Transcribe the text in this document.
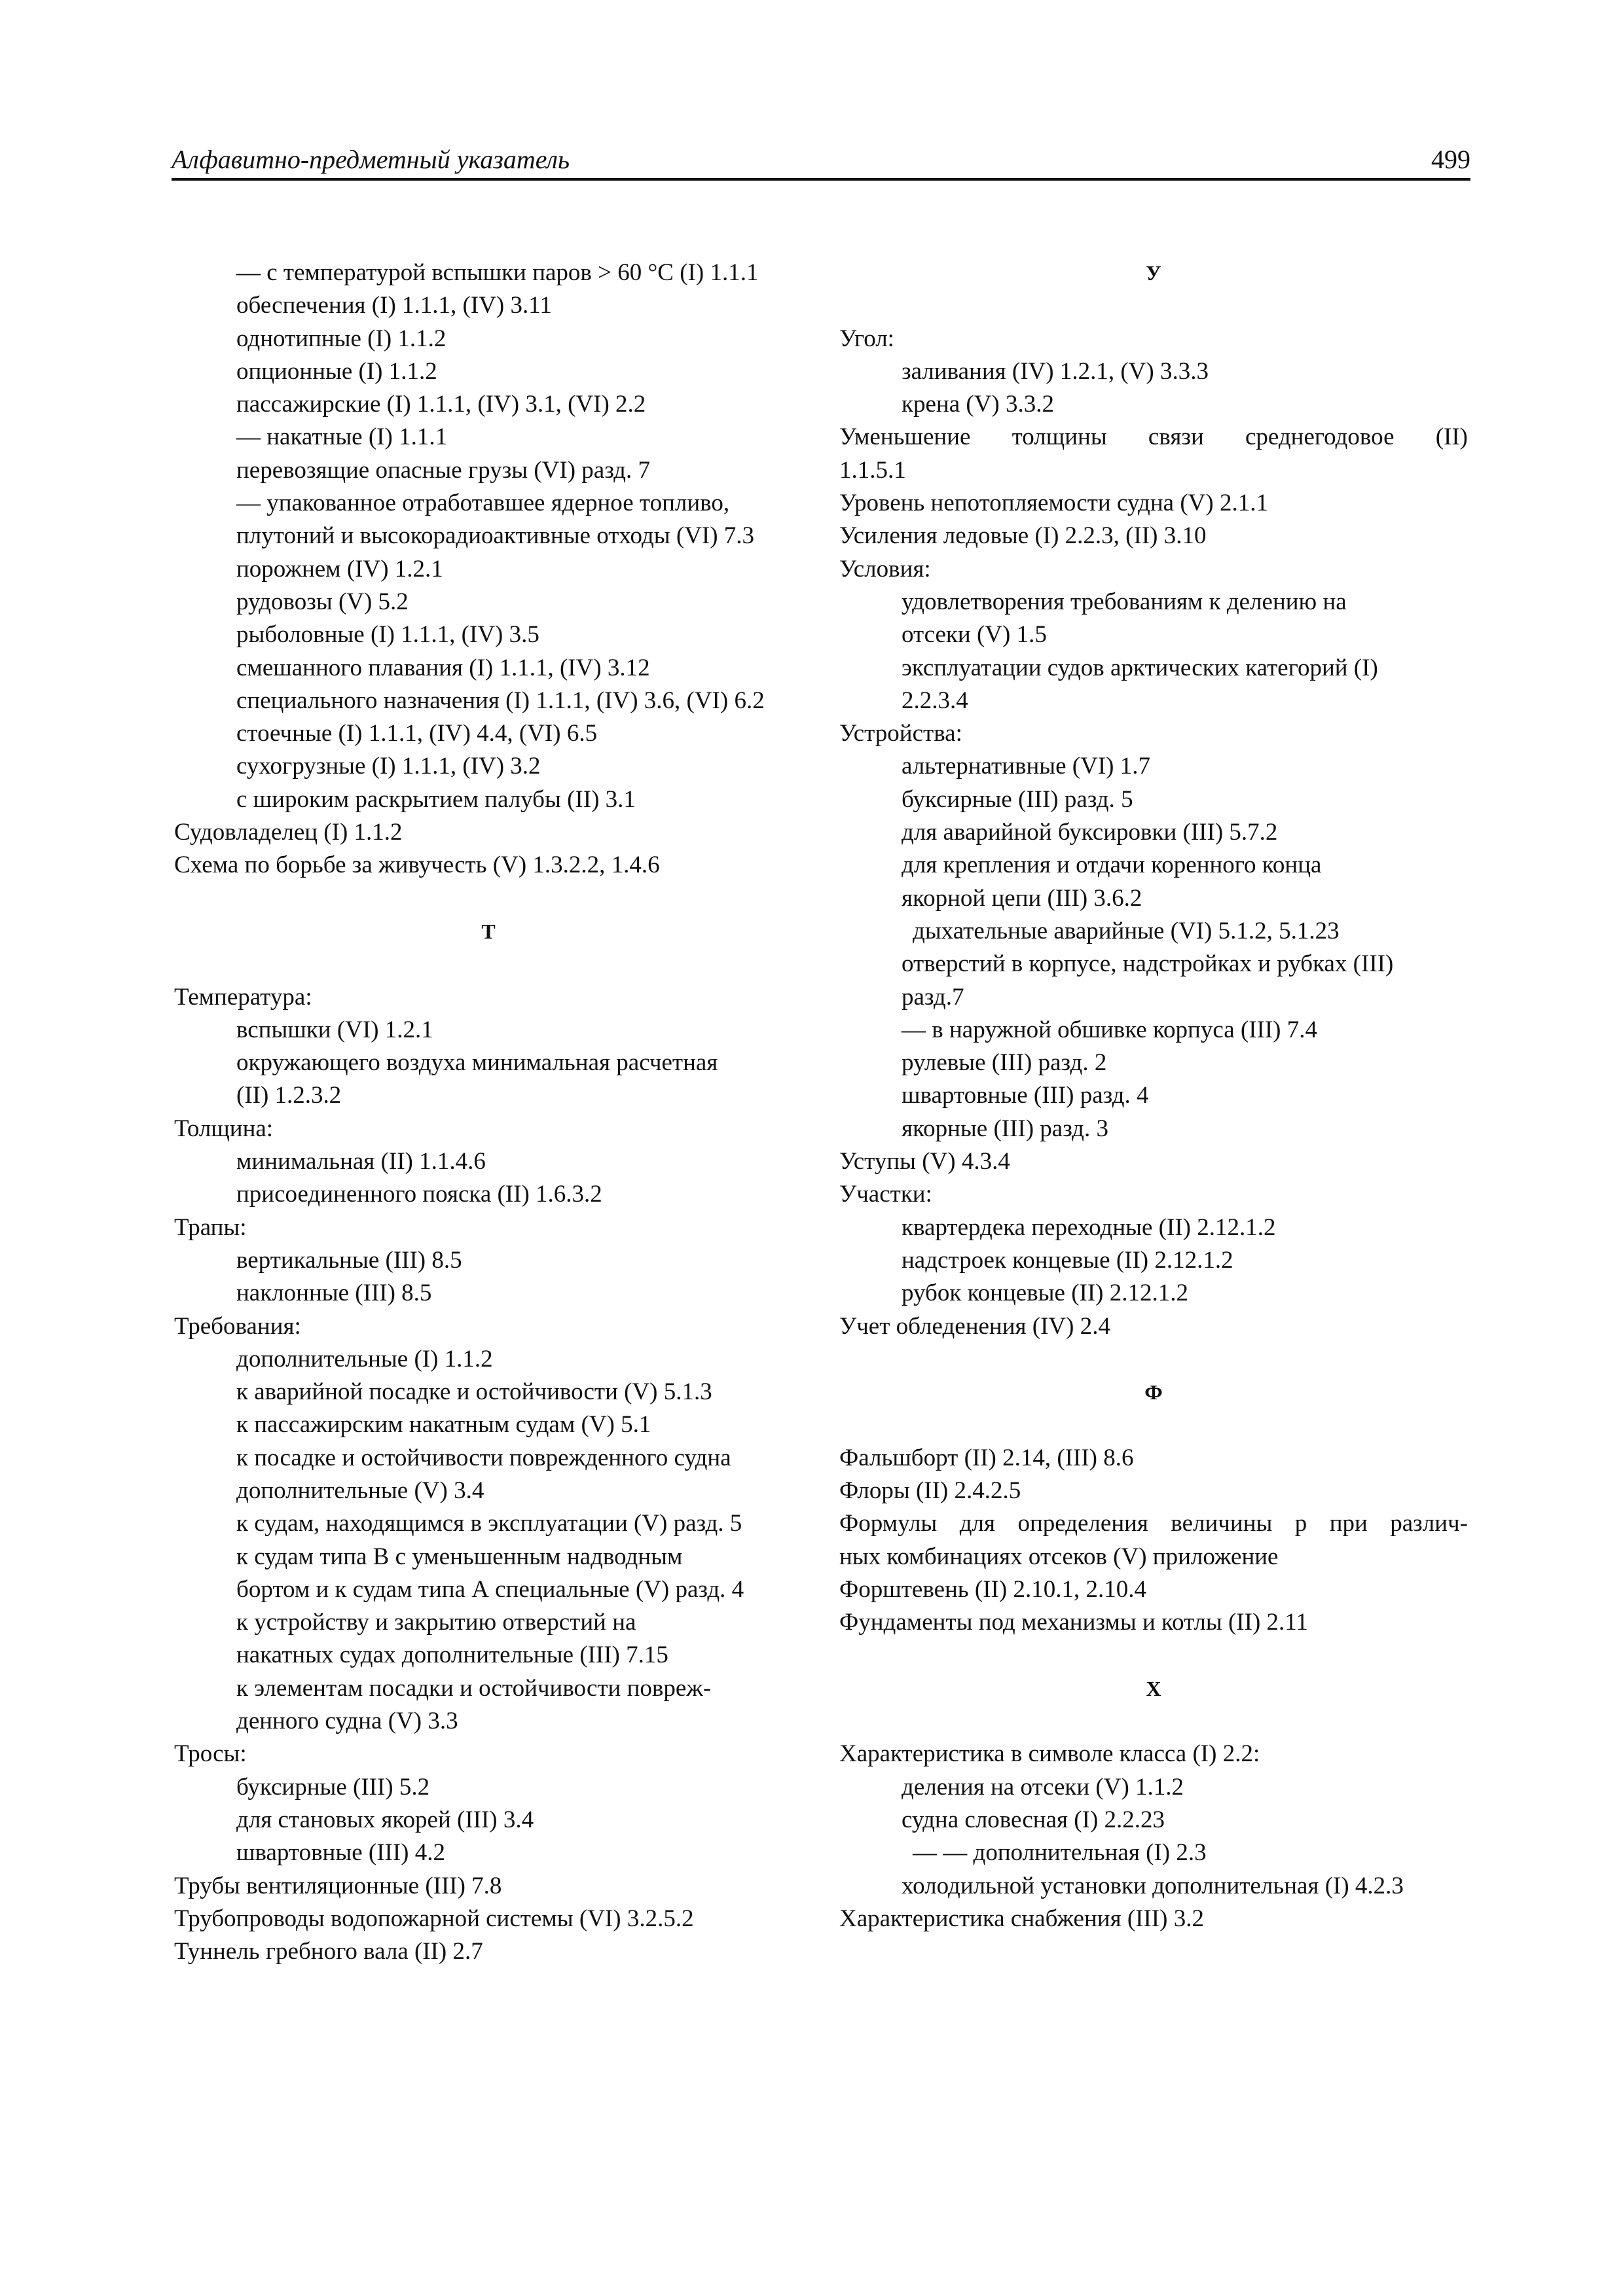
Алфавитно-предметный указатель	499
— с температурой вспышки паров > 60 °С (I) 1.1.1
обеспечения (I) 1.1.1, (IV) 3.11
однотипные (I) 1.1.2
опционные (I) 1.1.2
пассажирские (I) 1.1.1, (IV) 3.1, (VI) 2.2
— накатные (I) 1.1.1
перевозящие опасные грузы (VI) разд. 7
— упакованное отработавшее ядерное топливо,
плутоний и высокорадиоактивные отходы (VI) 7.3
порожнем (IV) 1.2.1
рудовозы (V) 5.2
рыболовные (I) 1.1.1, (IV) 3.5
смешанного плавания (I) 1.1.1, (IV) 3.12
специального назначения (I) 1.1.1, (IV) 3.6, (VI) 6.2
стоечные (I) 1.1.1, (IV) 4.4, (VI) 6.5
сухогрузные (I) 1.1.1, (IV) 3.2
с широким раскрытием палубы (II) 3.1
Судовладелец (I) 1.1.2
Схема по борьбе за живучесть (V) 1.3.2.2, 1.4.6
Т
Температура:
вспышки (VI) 1.2.1
окружающего воздуха минимальная расчетная
(II) 1.2.3.2
Толщина:
минимальная (II) 1.1.4.6
присоединенного пояска (II) 1.6.3.2
Трапы:
вертикальные (III) 8.5
наклонные (III) 8.5
Требования:
дополнительные (I) 1.1.2
к аварийной посадке и остойчивости (V) 5.1.3
к пассажирским накатным судам (V) 5.1
к посадке и остойчивости поврежденного судна
дополнительные (V) 3.4
к судам, находящимся в эксплуатации (V) разд. 5
к судам типа В с уменьшенным надводным
бортом и к судам типа А специальные (V) разд. 4
к устройству и закрытию отверстий на
накатных судах дополнительные (III) 7.15
к элементам посадки и остойчивости повреж-
денного судна (V) 3.3
Тросы:
буксирные (III) 5.2
для становых якорей (III) 3.4
швартовные (III) 4.2
Трубы вентиляционные (III) 7.8
Трубопроводы водопожарной системы (VI) 3.2.5.2
Туннель гребного вала (II) 2.7
У
Угол:
заливания (IV) 1.2.1, (V) 3.3.3
крена (V) 3.3.2
Уменьшение толщины связи среднегодовое (II)
1.1.5.1
Уровень непотопляемости судна (V) 2.1.1
Усиления ледовые (I) 2.2.3, (II) 3.10
Условия:
удовлетворения требованиям к делению на
отсеки (V) 1.5
эксплуатации судов арктических категорий (I)
2.2.3.4
Устройства:
альтернативные (VI) 1.7
буксирные (III) разд. 5
для аварийной буксировки (III) 5.7.2
для крепления и отдачи коренного конца
якорной цепи (III) 3.6.2
дыхательные аварийные (VI) 5.1.2, 5.1.23
отверстий в корпусе, надстройках и рубках (III)
разд.7
— в наружной обшивке корпуса (III) 7.4
рулевые (III) разд. 2
швартовные (III) разд. 4
якорные (III) разд. 3
Уступы (V) 4.3.4
Участки:
квартердека переходные (II) 2.12.1.2
надстроек концевые (II) 2.12.1.2
рубок концевые (II) 2.12.1.2
Учет обледенения (IV) 2.4
Ф
Фальшборт (II) 2.14, (III) 8.6
Флоры (II) 2.4.2.5
Формулы для определения величины p при различ-
ных комбинациях отсеков (V) приложение
Форштевень (II) 2.10.1, 2.10.4
Фундаменты под механизмы и котлы (II) 2.11
Х
Характеристика в символе класса (I) 2.2:
деления на отсеки (V) 1.1.2
судна словесная (I) 2.2.23
— — дополнительная (I) 2.3
холодильной установки дополнительная (I) 4.2.3
Характеристика снабжения (III) 3.2
